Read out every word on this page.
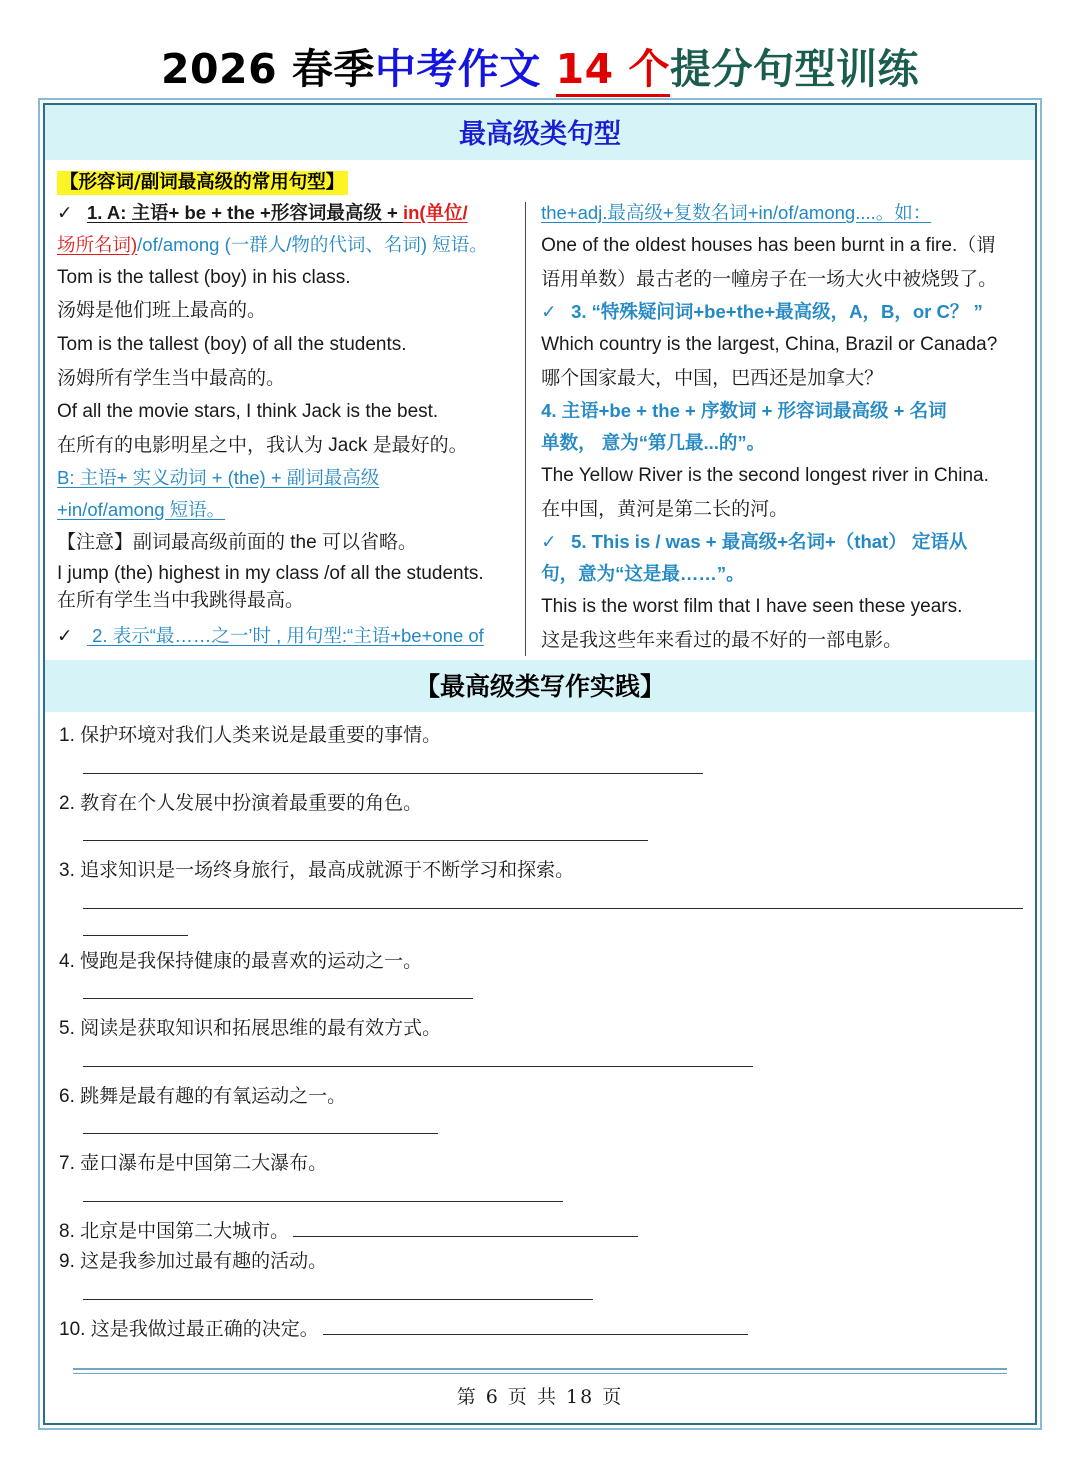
2026 春季中考作文 14 个提分句型训练
最高级类句型
【形容词/副词最高级的常用句型】
✓ 1. A: 主语+ be + the +形容词最高级 + in(单位/
场所名词)/of/among (一群人/物的代词、名词) 短语。
Tom is the tallest (boy) in his class.
汤姆是他们班上最高的。
Tom is the tallest (boy) of all the students.
汤姆所有学生当中最高的。
Of all the movie stars, I think Jack is the best.
在所有的电影明星之中，我认为 Jack 是最好的。
B: 主语+ 实义动词 + (the) + 副词最高级
+in/of/among 短语。
【注意】副词最高级前面的 the 可以省略。
I jump (the) highest in my class /of all the students.
在所有学生当中我跳得最高。
✓ 2. 表示“最……之一’时 , 用句型:“主语+be+one of
the+adj.最高级+复数名词+in/of/among....。如：
One of the oldest houses has been burnt in a fire.（谓
语用单数）最古老的一幢房子在一场大火中被烧毁了。
✓ 3. “特殊疑问词+be+the+最高级，A，B，or C？ ”
Which country is the largest, China, Brazil or Canada?
哪个国家最大，中国，巴西还是加拿大？
4. 主语+be + the + 序数词 + 形容词最高级 + 名词
单数， 意为“第几最...的”。
The Yellow River is the second longest river in China.
在中国，黄河是第二长的河。
✓ 5. This is / was + 最高级+名词+（that） 定语从
句，意为“这是最……”。
This is the worst film that I have seen these years.
这是我这些年来看过的最不好的一部电影。
【最高级类写作实践】
1. 保护环境对我们人类来说是最重要的事情。
2. 教育在个人发展中扮演着最重要的角色。
3. 追求知识是一场终身旅行，最高成就源于不断学习和探索。
4. 慢跑是我保持健康的最喜欢的运动之一。
5. 阅读是获取知识和拓展思维的最有效方式。
6. 跳舞是最有趣的有氧运动之一。
7. 壶口瀑布是中国第二大瀑布。
8. 北京是中国第二大城市。
9. 这是我参加过最有趣的活动。
10. 这是我做过最正确的决定。
第 6 页 共 18 页
